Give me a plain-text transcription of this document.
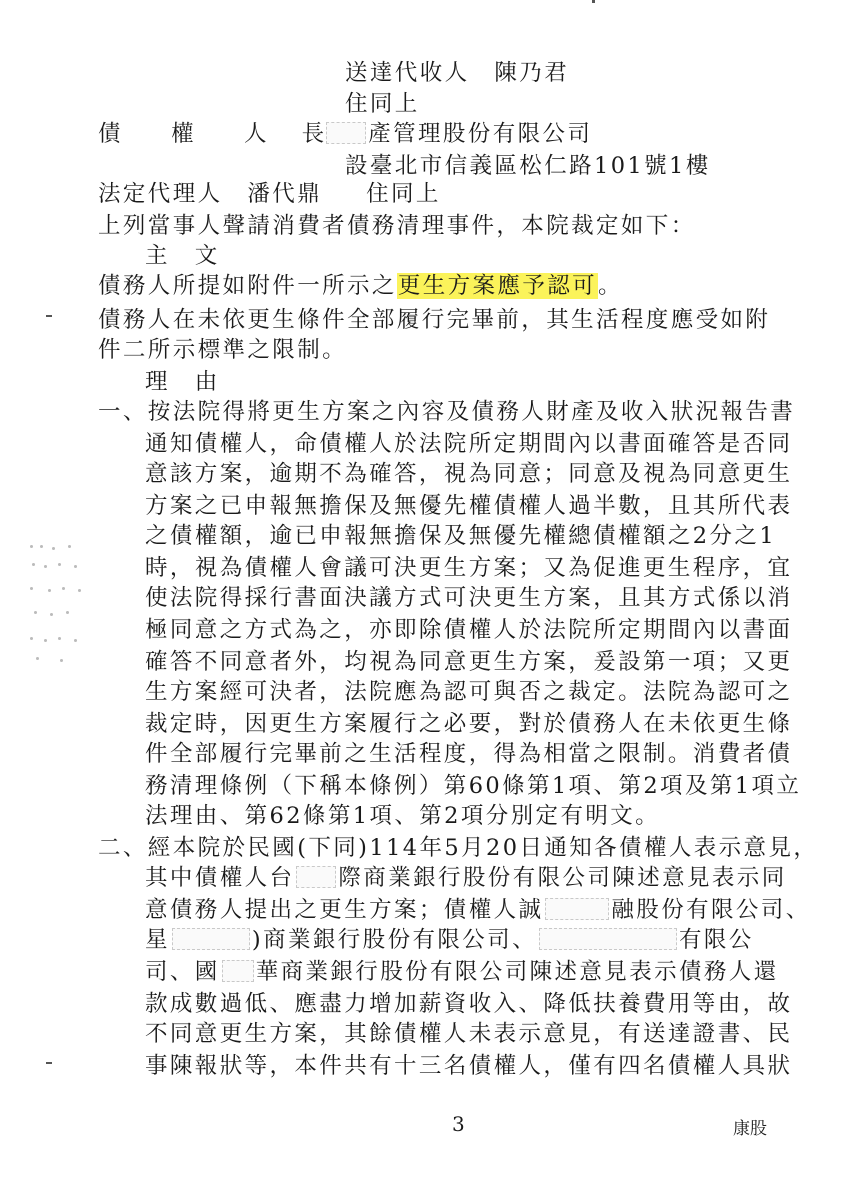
送達代收人　陳乃君
住同上
債　權　人 長 產管理股份有限公司
設臺北市信義區松仁路101號1樓
法定代理人　潘代鼎 住同上
上列當事人聲請消費者債務清理事件，本院裁定如下：
主　文
債務人所提如附件一所示之更生方案應予認可。
債務人在未依更生條件全部履行完畢前，其生活程度應受如附
件二所示標準之限制。
理　由
一、按法院得將更生方案之內容及債務人財產及收入狀況報告書
通知債權人，命債權人於法院所定期間內以書面確答是否同
意該方案，逾期不為確答，視為同意；同意及視為同意更生
方案之已申報無擔保及無優先權債權人過半數，且其所代表
之債權額，逾已申報無擔保及無優先權總債權額之2分之1
時，視為債權人會議可決更生方案；又為促進更生程序，宜
使法院得採行書面決議方式可決更生方案，且其方式係以消
極同意之方式為之，亦即除債權人於法院所定期間內以書面
確答不同意者外，均視為同意更生方案，爰設第一項；又更
生方案經可決者，法院應為認可與否之裁定。法院為認可之
裁定時，因更生方案履行之必要，對於債務人在未依更生條
件全部履行完畢前之生活程度，得為相當之限制。消費者債
務清理條例（下稱本條例）第60條第1項、第2項及第1項立
法理由、第62條第1項、第2項分別定有明文。
二、經本院於民國(下同)114年5月20日通知各債權人表示意見，
其中債權人台 際商業銀行股份有限公司陳述意見表示同
意債務人提出之更生方案；債權人誠	融股份有限公司、
星	)商業銀行股份有限公司、	有限公
司、國 華商業銀行股份有限公司陳述意見表示債務人還
款成數過低、應盡力增加薪資收入、降低扶養費用等由，故
不同意更生方案，其餘債權人未表示意見，有送達證書、民
事陳報狀等，本件共有十三名債權人，僅有四名債權人具狀
3	康股
